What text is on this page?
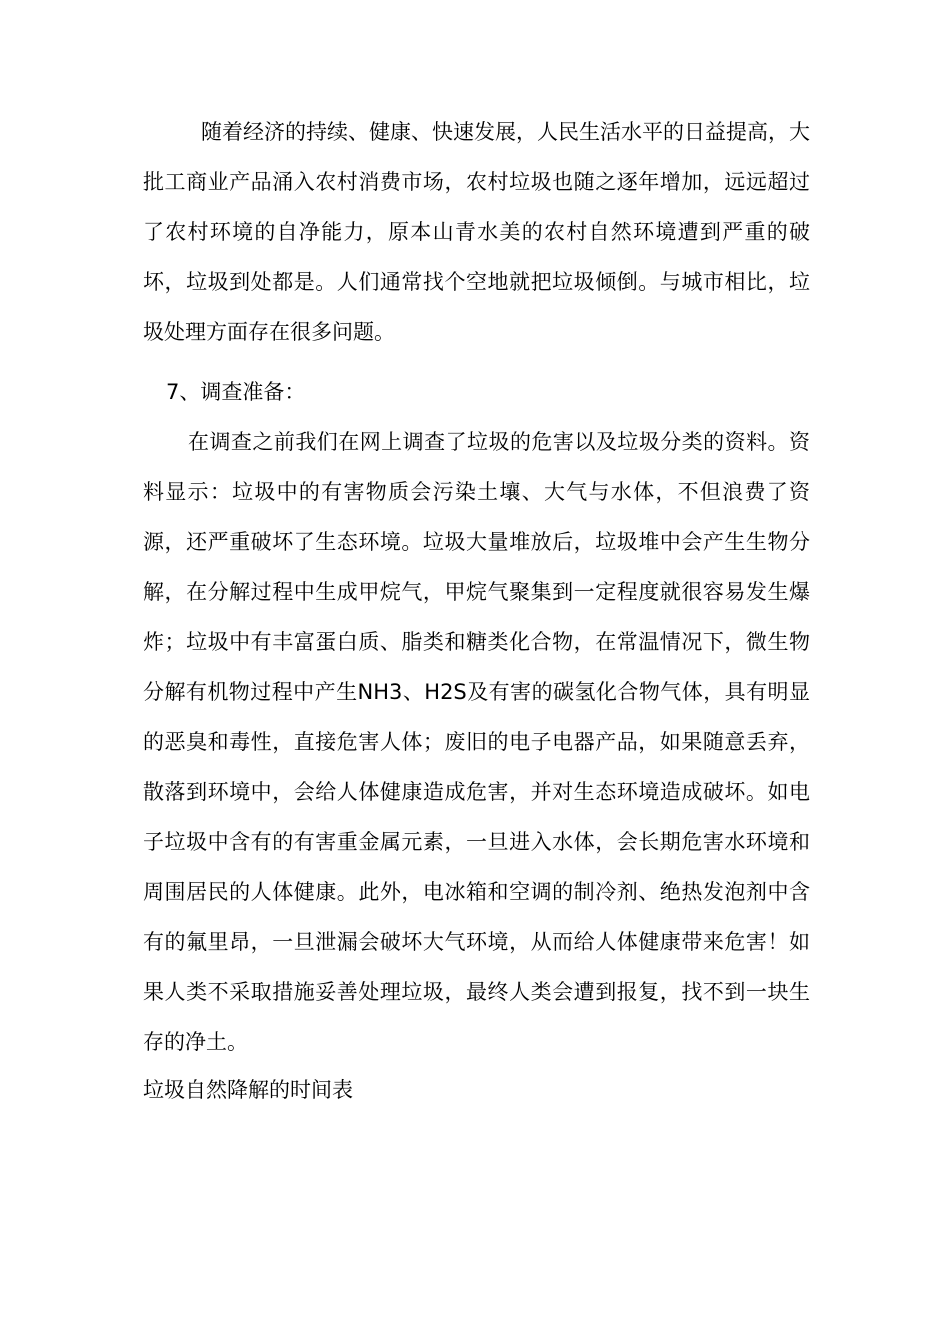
随着经济的持续、健康、快速发展，人民生活水平的日益提高，大批工商业产品涌入农村消费市场，农村垃圾也随之逐年增加，远远超过了农村环境的自净能力，原本山青水美的农村自然环境遭到严重的破坏，垃圾到处都是。人们通常找个空地就把垃圾倾倒。与城市相比，垃圾处理方面存在很多问题。

7、调查准备：

在调查之前我们在网上调查了垃圾的危害以及垃圾分类的资料。资料显示：垃圾中的有害物质会污染土壤、大气与水体，不但浪费了资源，还严重破坏了生态环境。垃圾大量堆放后，垃圾堆中会产生生物分解，在分解过程中生成甲烷气，甲烷气聚集到一定程度就很容易发生爆炸；垃圾中有丰富蛋白质、脂类和糖类化合物，在常温情况下，微生物分解有机物过程中产生NH3、H2S及有害的碳氢化合物气体，具有明显的恶臭和毒性，直接危害人体；废旧的电子电器产品，如果随意丢弃，散落到环境中，会给人体健康造成危害，并对生态环境造成破坏。如电子垃圾中含有的有害重金属元素，一旦进入水体，会长期危害水环境和周围居民的人体健康。此外，电冰箱和空调的制冷剂、绝热发泡剂中含有的氟里昂，一旦泄漏会破坏大气环境，从而给人体健康带来危害！如果人类不采取措施妥善处理垃圾，最终人类会遭到报复，找不到一块生存的净土。

垃圾自然降解的时间表
